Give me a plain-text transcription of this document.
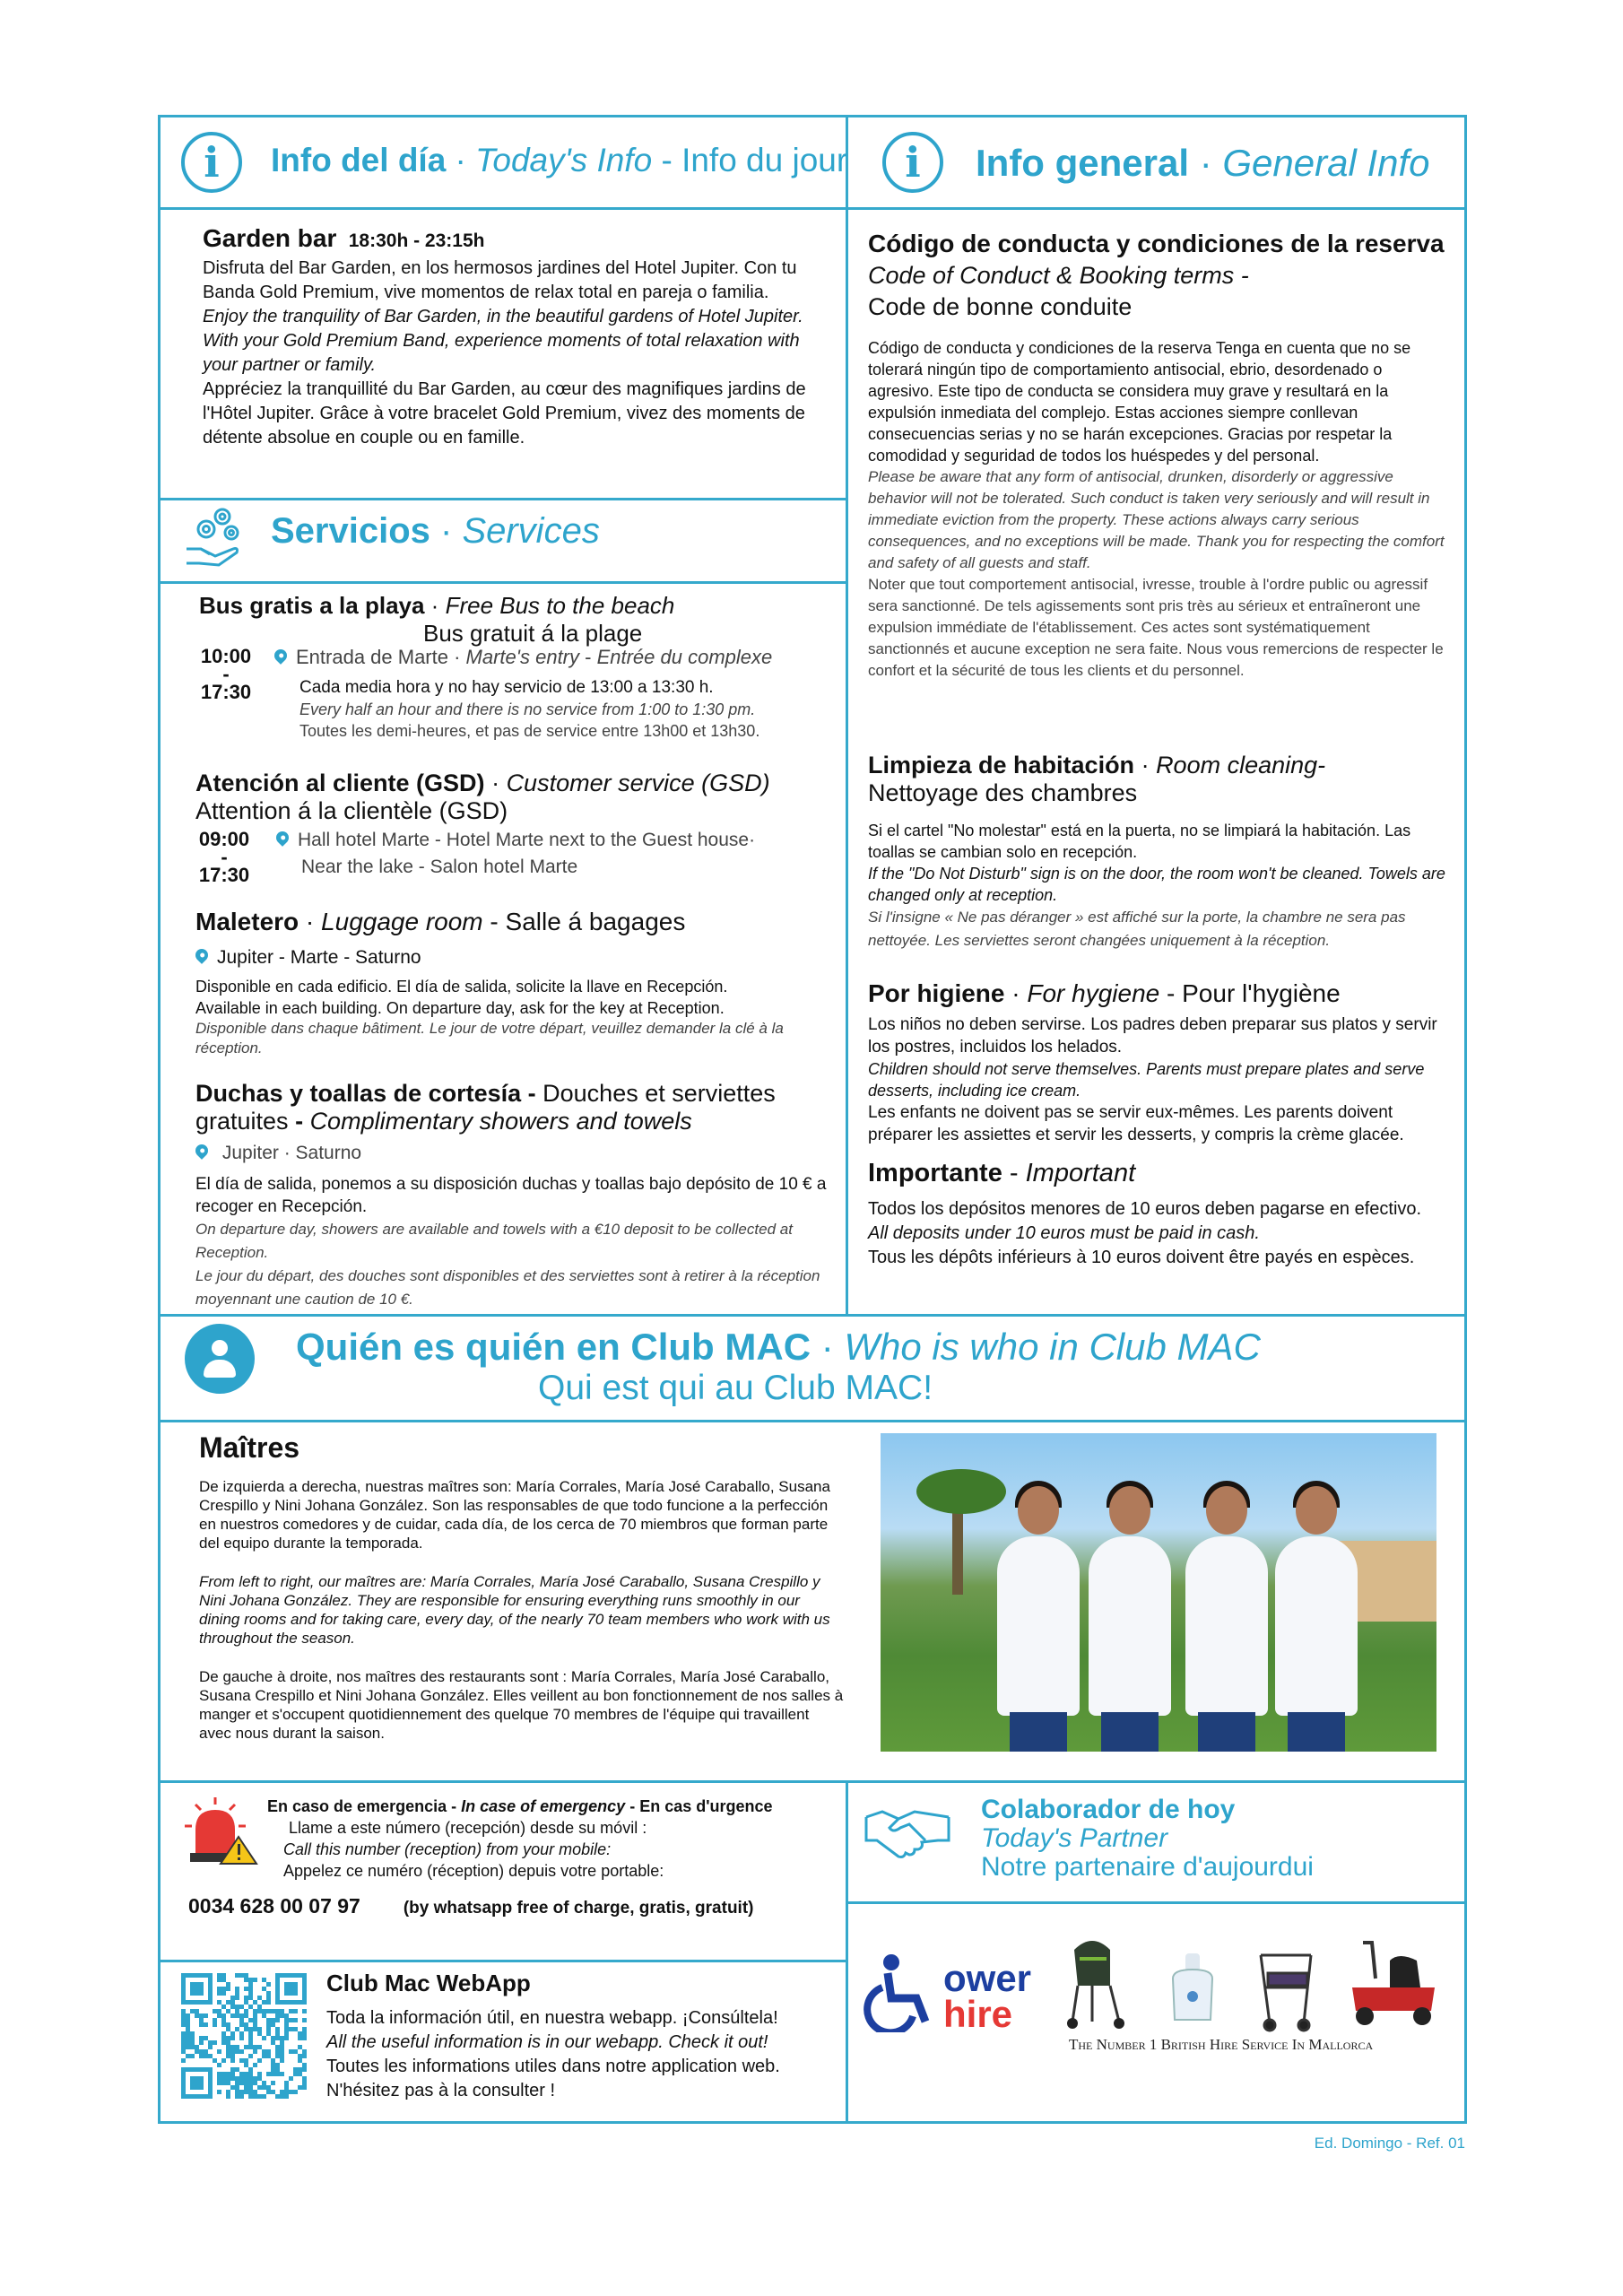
i	Info del día · Today's Info - Info du jour	i	Info general · General Info
Garden bar 18:30h - 23:15h
Disfruta del Bar Garden, en los hermosos jardines del Hotel Jupiter. Con tu Banda Gold Premium, vive momentos de relax total en pareja o familia.
Enjoy the tranquility of Bar Garden, in the beautiful gardens of Hotel Jupiter. With your Gold Premium Band, experience moments of total relaxation with your partner or family.
Appréciez la tranquillité du Bar Garden, au cœur des magnifiques jardins de l'Hôtel Jupiter. Grâce à votre bracelet Gold Premium, vivez des moments de détente absolue en couple ou en famille.
Servicios · Services
Bus gratis a la playa · Free Bus to the beach
Bus gratuit á la plage
10:00
-
17:30
Entrada de Marte · Marte's entry - Entrée du complexe
Cada media hora y no hay servicio de 13:00 a 13:30 h.
Every half an hour and there is no service from 1:00 to 1:30 pm.
Toutes les demi-heures, et pas de service entre 13h00 et 13h30.
Atención al cliente (GSD) · Customer service (GSD)
Attention á la clientèle (GSD)
09:00
-
17:30
Hall hotel Marte - Hotel Marte next to the Guest house·
Near the lake - Salon hotel Marte
Maletero · Luggage room - Salle á bagages
Jupiter - Marte - Saturno
Disponible en cada edificio. El día de salida, solicite la llave en Recepción.
Available in each building. On departure day, ask for the key at Reception.
Disponible dans chaque bâtiment. Le jour de votre départ, veuillez demander la clé à la réception.
Duchas y toallas de cortesía - Douches et serviettes
gratuites - Complimentary showers and towels
Jupiter · Saturno
El día de salida, ponemos a su disposición duchas y toallas bajo depósito de 10 € a recoger en Recepción.
On departure day, showers are available and towels with a €10 deposit to be collected at Reception.
Le jour du départ, des douches sont disponibles et des serviettes sont à retirer à la réception moyennant une caution de 10 €.
Código de conducta y condiciones de la reserva
Code of Conduct & Booking terms -
Code de bonne conduite
Código de conducta y condiciones de la reserva Tenga en cuenta que no se tolerará ningún tipo de comportamiento antisocial, ebrio, desordenado o agresivo. Este tipo de conducta se considera muy grave y resultará en la expulsión inmediata del complejo. Estas acciones siempre conllevan consecuencias serias y no se harán excepciones. Gracias por respetar la comodidad y seguridad de todos los huéspedes y del personal.
Please be aware that any form of antisocial, drunken, disorderly or aggressive behavior will not be tolerated. Such conduct is taken very seriously and will result in immediate eviction from the property. These actions always carry serious consequences, and no exceptions will be made. Thank you for respecting the comfort and safety of all guests and staff.
Noter que tout comportement antisocial, ivresse, trouble à l'ordre public ou agressif sera sanctionné. De tels agissements sont pris très au sérieux et entraîneront une expulsion immédiate de l'établissement. Ces actes sont systématiquement sanctionnés et aucune exception ne sera faite. Nous vous remercions de respecter le confort et la sécurité de tous les clients et du personnel.
Limpieza de habitación · Room cleaning-
Nettoyage des chambres
Si el cartel "No molestar" está en la puerta, no se limpiará la habitación. Las toallas se cambian solo en recepción.
If the "Do Not Disturb" sign is on the door, the room won't be cleaned. Towels are changed only at reception.
Si l'insigne « Ne pas déranger » est affiché sur la porte, la chambre ne sera pas nettoyée. Les serviettes seront changées uniquement à la réception.
Por higiene · For hygiene - Pour l'hygiène
Los niños no deben servirse. Los padres deben preparar sus platos y servir los postres, incluidos los helados.
Children should not serve themselves. Parents must prepare plates and serve desserts, including ice cream.
Les enfants ne doivent pas se servir eux-mêmes. Les parents doivent préparer les assiettes et servir les desserts, y compris la crème glacée.
Importante - Important
Todos los depósitos menores de 10 euros deben pagarse en efectivo.
All deposits under 10 euros must be paid in cash.
Tous les dépôts inférieurs à 10 euros doivent être payés en espèces.
Quién es quién en Club MAC · Who is who in Club MAC
Qui est qui au Club MAC!
Maîtres
De izquierda a derecha, nuestras maîtres son: María Corrales, María José Caraballo, Susana Crespillo y Nini Johana González. Son las responsables de que todo funcione a la perfección en nuestros comedores y de cuidar, cada día, de los cerca de 70 miembros que forman parte del equipo durante la temporada.
From left to right, our maîtres are: María Corrales, María José Caraballo, Susana Crespillo y Nini Johana González. They are responsible for ensuring everything runs smoothly in our dining rooms and for taking care, every day, of the nearly 70 team members who work with us throughout the season.
De gauche à droite, nos maîtres des restaurants sont : María Corrales, María José Caraballo, Susana Crespillo et Nini Johana González. Elles veillent au bon fonctionnement de nos salles à manger et s'occupent quotidiennement des quelque 70 membres de l'équipe qui travaillent avec nous durant la saison.
En caso de emergencia - In case of emergency - En cas d'urgence
Llame a este número (recepción) desde su móvil :
Call this number (reception) from your mobile:
Appelez ce numéro (réception) depuis votre portable:
0034 628 00 07 97	(by whatsapp free of charge, gratis, gratuit)
Colaborador de hoy
Today's Partner
Notre partenaire d'aujourdui
ower
hire
The Number 1 British Hire Service In Mallorca
Club Mac WebApp
Toda la información útil, en nuestra webapp. ¡Consúltela!
All the useful information is in our webapp. Check it out!
Toutes les informations utiles dans notre application web. N'hésitez pas à la consulter !
Ed. Domingo - Ref. 01
